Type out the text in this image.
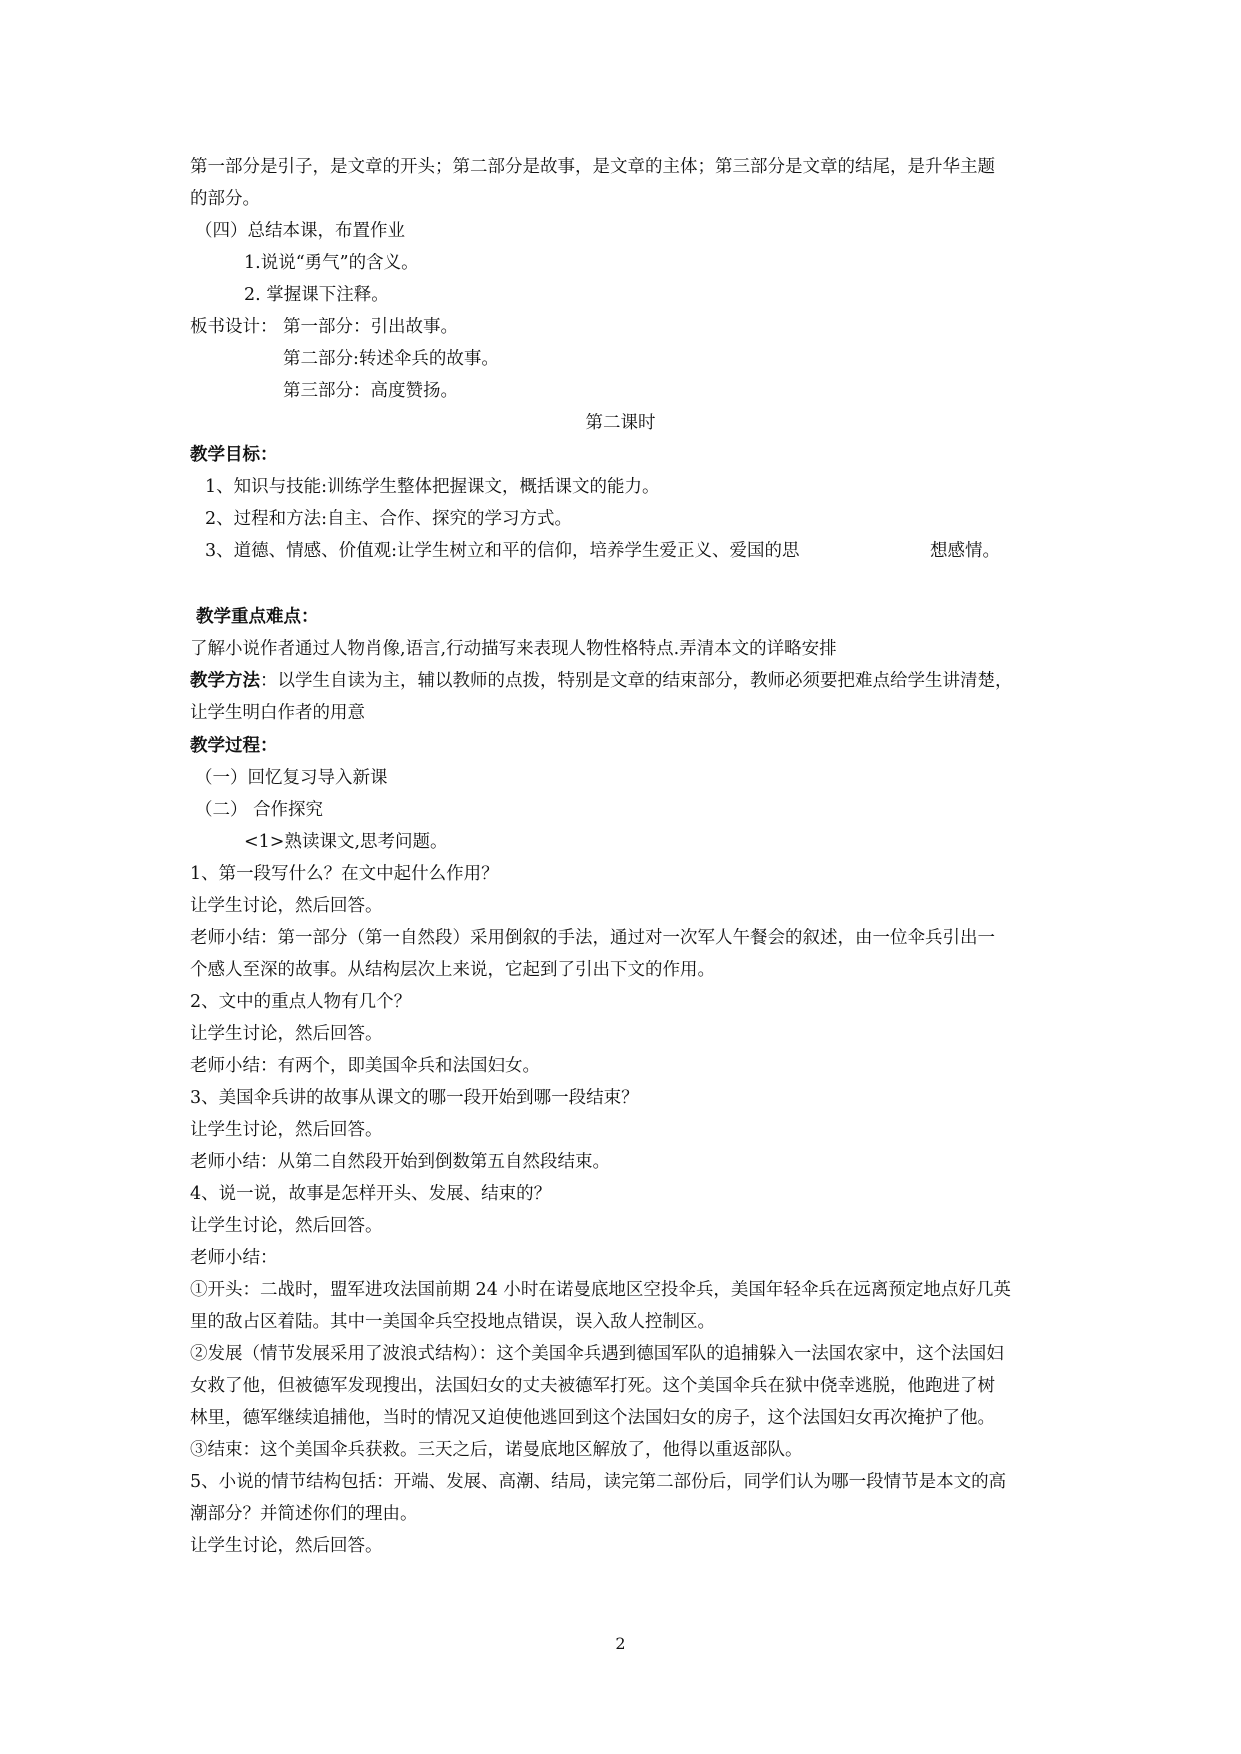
第一部分是引子，是文章的开头；第二部分是故事，是文章的主体；第三部分是文章的结尾，是升华主题
的部分。
（四）总结本课，布置作业
1.说说“勇气”的含义。
2. 掌握课下注释。
板书设计： 第一部分：引出故事。
第二部分:转述伞兵的故事。
第三部分：高度赞扬。
第二课时
教学目标：
1、知识与技能:训练学生整体把握课文，概括课文的能力。
2、过程和方法:自主、合作、探究的学习方式。
3、道德、情感、价值观:让学生树立和平的信仰，培养学生爱正义、爱国的思	想感情。
教学重点难点：
了解小说作者通过人物肖像,语言,行动描写来表现人物性格特点.弄清本文的详略安排
教学方法：以学生自读为主，辅以教师的点拨，特别是文章的结束部分，教师必须要把难点给学生讲清楚，
让学生明白作者的用意
教学过程：
（一）回忆复习导入新课
（二） 合作探究
<1>熟读课文,思考问题。
1、第一段写什么？在文中起什么作用？
让学生讨论，然后回答。
老师小结：第一部分（第一自然段）采用倒叙的手法，通过对一次军人午餐会的叙述，由一位伞兵引出一
个感人至深的故事。从结构层次上来说，它起到了引出下文的作用。
2、文中的重点人物有几个？
让学生讨论，然后回答。
老师小结：有两个，即美国伞兵和法国妇女。
3、美国伞兵讲的故事从课文的哪一段开始到哪一段结束？
让学生讨论，然后回答。
老师小结：从第二自然段开始到倒数第五自然段结束。
4、说一说，故事是怎样开头、发展、结束的？
让学生讨论，然后回答。
老师小结：
①开头：二战时，盟军进攻法国前期 24 小时在诺曼底地区空投伞兵，美国年轻伞兵在远离预定地点好几英
里的敌占区着陆。其中一美国伞兵空投地点错误，误入敌人控制区。
②发展（情节发展采用了波浪式结构）：这个美国伞兵遇到德国军队的追捕躲入一法国农家中，这个法国妇
女救了他，但被德军发现搜出，法国妇女的丈夫被德军打死。这个美国伞兵在狱中侥幸逃脱，他跑进了树
林里，德军继续追捕他，当时的情况又迫使他逃回到这个法国妇女的房子，这个法国妇女再次掩护了他。
③结束：这个美国伞兵获救。三天之后，诺曼底地区解放了，他得以重返部队。
5、小说的情节结构包括：开端、发展、高潮、结局，读完第二部份后，同学们认为哪一段情节是本文的高
潮部分？并简述你们的理由。
让学生讨论，然后回答。
2
